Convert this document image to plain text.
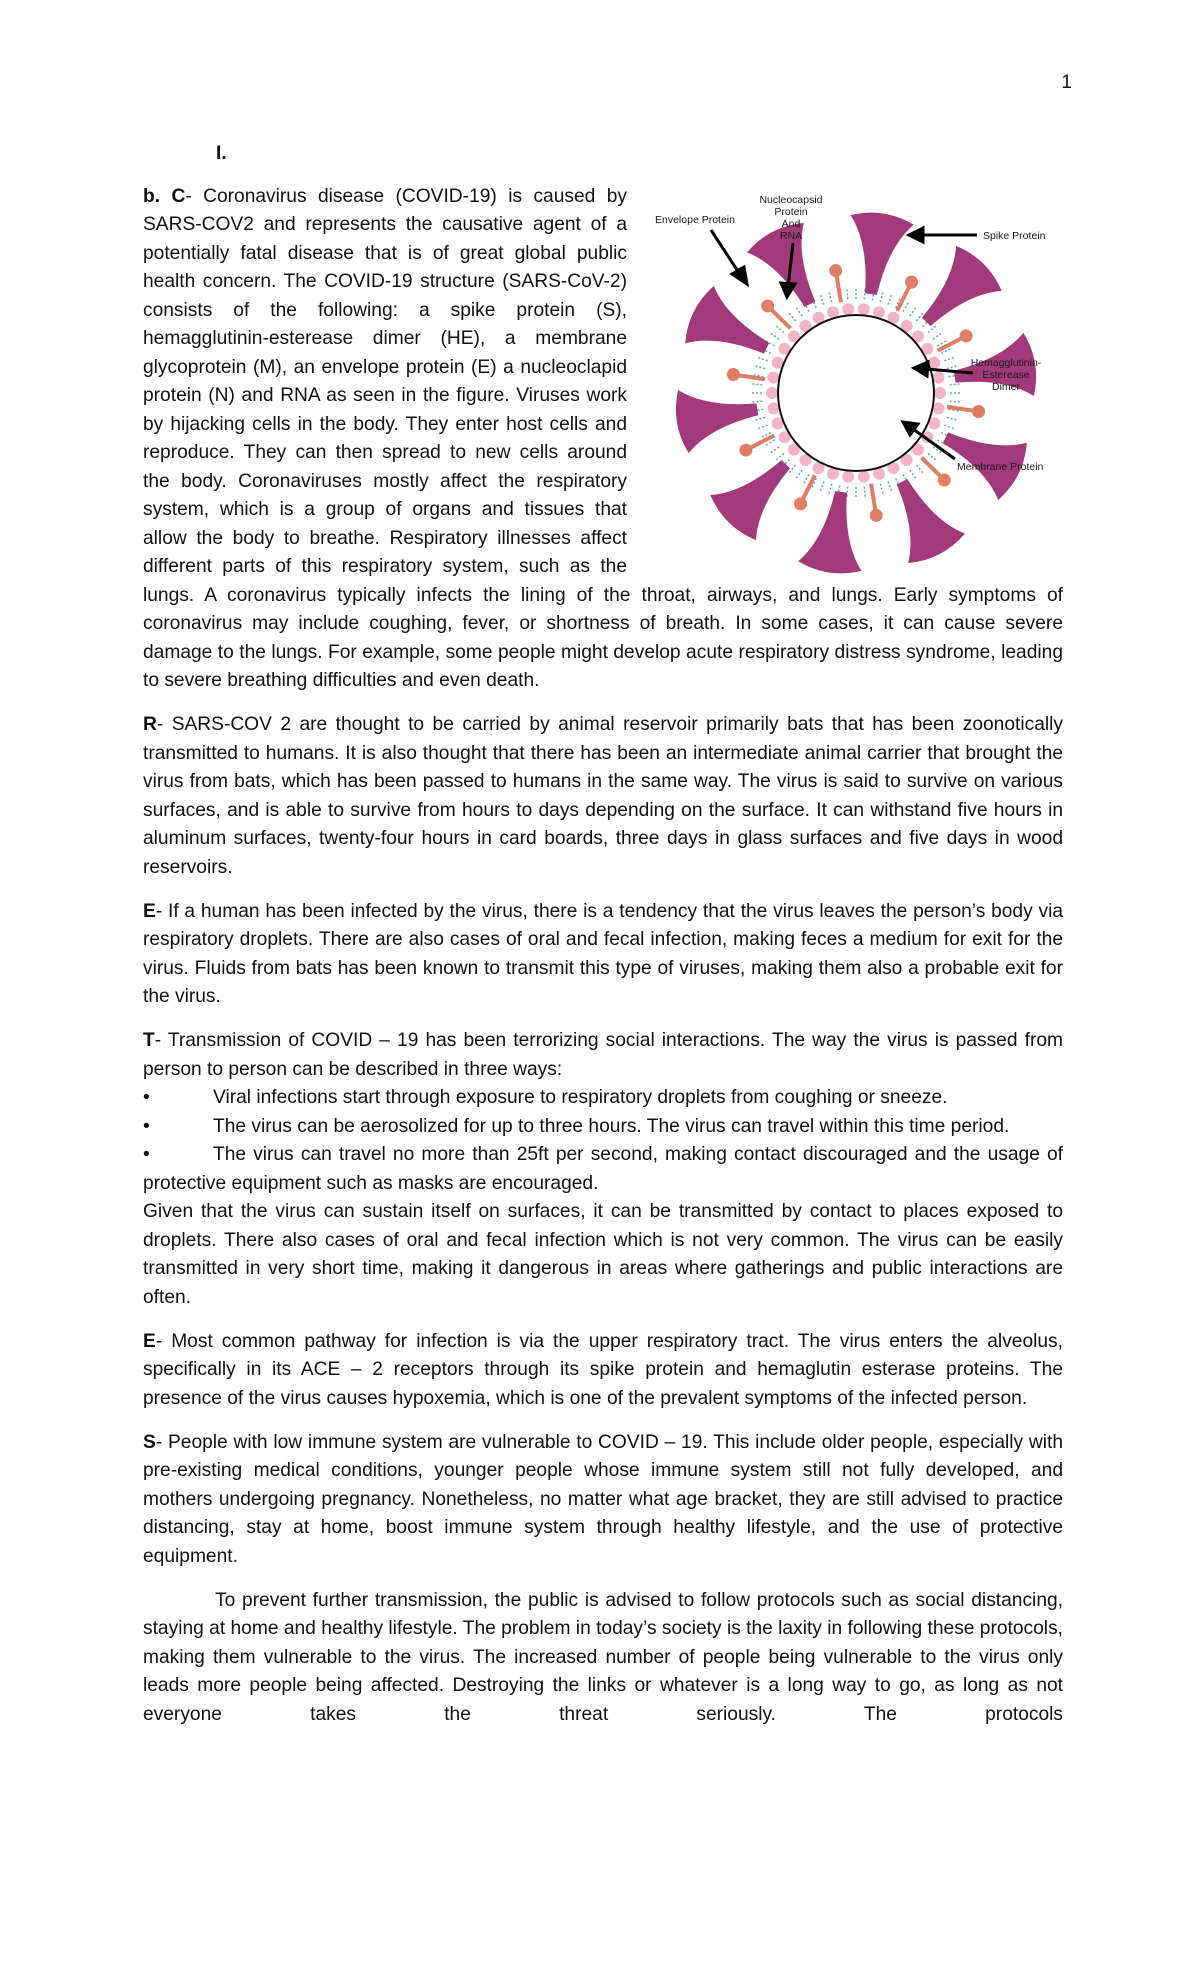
1
I.

Envelope Protein
Nucleocapsid
Protein
And
RNA	Spike Protein
Hemagglutinin-
Esterease
Dimer
Membrane Protein
b. C- Coronavirus disease (COVID-19) is caused by SARS-COV2 and represents the causative agent of a potentially fatal disease that is of great global public health concern. The COVID-19 structure (SARS-CoV-2) consists of the following: a spike protein (S), hemagglutinin-esterease dimer (HE), a membrane glycoprotein (M), an envelope protein (E) a nucleoclapid protein (N) and RNA as seen in the figure. Viruses work by hijacking cells in the body. They enter host cells and reproduce. They can then spread to new cells around the body. Coronaviruses mostly affect the respiratory system, which is a group of organs and tissues that allow the body to breathe. Respiratory illnesses affect different parts of this respiratory system, such as the lungs. A coronavirus typically infects the lining of the throat, airways, and lungs. Early symptoms of coronavirus may include coughing, fever, or shortness of breath. In some cases, it can cause severe damage to the lungs. For example, some people might develop acute respiratory distress syndrome, leading to severe breathing difficulties and even death.

R- SARS-COV 2 are thought to be carried by animal reservoir primarily bats that has been zoonotically transmitted to humans. It is also thought that there has been an intermediate animal carrier that brought the virus from bats, which has been passed to humans in the same way. The virus is said to survive on various surfaces, and is able to survive from hours to days depending on the surface. It can withstand five hours in aluminum surfaces, twenty-four hours in card boards, three days in glass surfaces and five days in wood reservoirs.

E- If a human has been infected by the virus, there is a tendency that the virus leaves the person’s body via respiratory droplets. There are also cases of oral and fecal infection, making feces a medium for exit for the virus. Fluids from bats has been known to transmit this type of viruses, making them also a probable exit for the virus.

T- Transmission of COVID – 19 has been terrorizing social interactions. The way the virus is passed from person to person can be described in three ways:
•	Viral infections start through exposure to respiratory droplets from coughing or sneeze.
•	The virus can be aerosolized for up to three hours. The virus can travel within this time period.
•	The virus can travel no more than 25ft per second, making contact discouraged and the usage of protective equipment such as masks are encouraged.
Given that the virus can sustain itself on surfaces, it can be transmitted by contact to places exposed to droplets. There also cases of oral and fecal infection which is not very common. The virus can be easily transmitted in very short time, making it dangerous in areas where gatherings and public interactions are often.

E- Most common pathway for infection is via the upper respiratory tract. The virus enters the alveolus, specifically in its ACE – 2 receptors through its spike protein and hemaglutin esterase proteins. The presence of the virus causes hypoxemia, which is one of the prevalent symptoms of the infected person.

S- People with low immune system are vulnerable to COVID – 19. This include older people, especially with pre-existing medical conditions, younger people whose immune system still not fully developed, and mothers undergoing pregnancy. Nonetheless, no matter what age bracket, they are still advised to practice distancing, stay at home, boost immune system through healthy lifestyle, and the use of protective equipment.

To prevent further transmission, the public is advised to follow protocols such as social distancing, staying at home and healthy lifestyle. The problem in today’s society is the laxity in following these protocols, making them vulnerable to the virus. The increased number of people being vulnerable to the virus only leads more people being affected. Destroying the links or whatever is a long way to go, as long as not everyone takes the threat seriously. The protocols
